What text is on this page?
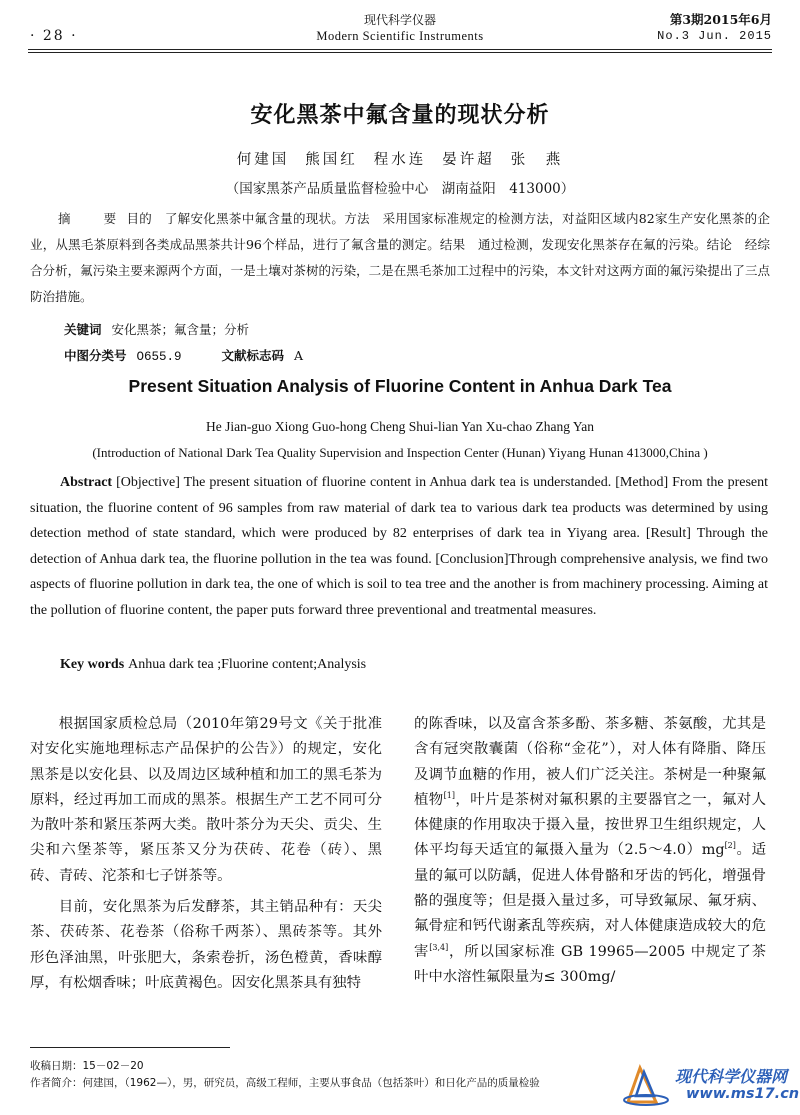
· 28 ·
现代科学仪器
Modern Scientific Instruments
第3期2015年6月
No.3 Jun. 2015
安化黑茶中氟含量的现状分析
何建国 熊国红 程水连 晏许超 张　燕
（国家黑茶产品质量监督检验中心　湖南益阳　413000）
摘　要目的　了解安化黑茶中氟含量的现状。方法　采用国家标准规定的检测方法，对益阳区域内82家生产安化黑茶的企业，从黑毛茶原料到各类成品黑茶共计96个样品，进行了氟含量的测定。结果　通过检测，发现安化黑茶存在氟的污染。结论　经综合分析，氟污染主要来源两个方面，一是土壤对茶树的污染，二是在黑毛茶加工过程中的污染，本文针对这两方面的氟污染提出了三点防治措施。
关键词 安化黑茶；氟含量；分析
中图分类号 O655.9	文献标志码 A
Present Situation Analysis of Fluorine Content in Anhua Dark Tea
He Jian-guo Xiong Guo-hong Cheng Shui-lian Yan Xu-chao Zhang Yan
(Introduction of National Dark Tea Quality Supervision and Inspection Center (Hunan) Yiyang Hunan 413000,China )
Abstract [Objective] The present situation of fluorine content in Anhua dark tea is understanded. [Method] From the present situation, the fluorine content of 96 samples from raw material of dark tea to various dark tea products was determined by using detection method of state standard, which were produced by 82 enterprises of dark tea in Yiyang area. [Result] Through the detection of Anhua dark tea, the fluorine pollution in the tea was found. [Conclusion]Through comprehensive analysis, we find two aspects of fluorine pollution in dark tea, the one of which is soil to tea tree and the another is from machinery processing. Aiming at the pollution of fluorine content, the paper puts forward three preventional and treatmental measures.
Key words Anhua dark tea ;Fluorine content;Analysis

根据国家质检总局（2010年第29号文《关于批准对安化实施地理标志产品保护的公告》）的规定，安化黑茶是以安化县、以及周边区域种植和加工的黑毛茶为原料，经过再加工而成的黑茶。根据生产工艺不同可分为散叶茶和紧压茶两大类。散叶茶分为天尖、贡尖、生尖和六堡茶等，紧压茶又分为茯砖、花卷（砖）、黑砖、青砖、沱茶和七子饼茶等。

目前，安化黑茶为后发酵茶，其主销品种有：天尖茶、茯砖茶、花卷茶（俗称千两茶）、黑砖茶等。其外形色泽油黑，叶张肥大，条索卷折，汤色橙黄，香味醇厚，有松烟香味；叶底黄褐色。因安化黑茶具有独特

的陈香味，以及富含茶多酚、茶多糖、茶氨酸，尤其是含有冠突散囊菌（俗称“金花”），对人体有降脂、降压及调节血糖的作用，被人们广泛关注。茶树是一种聚氟植物[1]，叶片是茶树对氟积累的主要器官之一，氟对人体健康的作用取决于摄入量，按世界卫生组织规定，人体平均每天适宜的氟摄入量为（2.5～4.0）mg[2]。适量的氟可以防龋，促进人体骨骼和牙齿的钙化，增强骨骼的强度等；但是摄入量过多，可导致氟尿、氟牙病、氟骨症和钙代谢紊乱等疾病，对人体健康造成较大的危害[3,4]，所以国家标准 GB 19965—2005 中规定了茶叶中水溶性氟限量为≤ 300mg/

收稿日期：15－02－20
作者简介：何建国，（1962—），男，研究员，高级工程师，主要从事食品（包括茶叶）和日化产品的质量检验	现代科学仪器网
www.ms17.cn
